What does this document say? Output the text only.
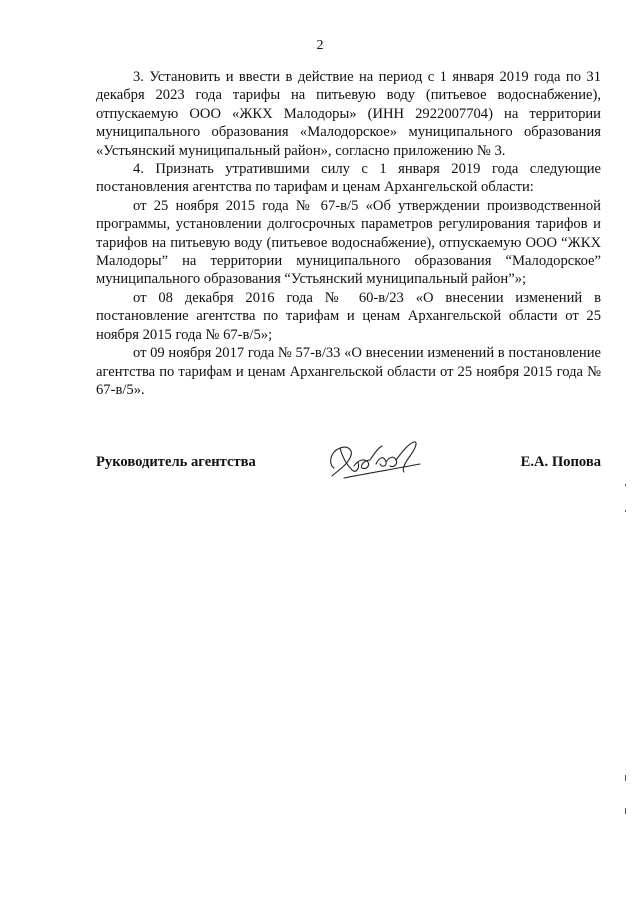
2

3. Установить и ввести в действие на период с 1 января 2019 года по 31 декабря 2023 года тарифы на питьевую воду (питьевое водоснабжение), отпускаемую ООО «ЖКХ Малодоры» (ИНН 2922007704) на территории муниципального образования «Малодорское» муниципального образования «Устьянский муниципальный район», согласно приложению № 3.

4. Признать утратившими силу с 1 января 2019 года следующие постановления агентства по тарифам и ценам Архангельской области:

от 25 ноября 2015 года № 67-в/5 «Об утверждении производственной программы, установлении долгосрочных параметров регулирования тарифов и тарифов на питьевую воду (питьевое водоснабжение), отпускаемую ООО “ЖКХ Малодоры” на территории муниципального образования “Малодорское” муниципального образования “Устьянский муниципальный район”»;

от 08 декабря 2016 года № 60-в/23 «О внесении изменений в постановление агентства по тарифам и ценам Архангельской области от 25 ноября 2015 года № 67-в/5»;

от 09 ноября 2017 года № 57-в/33 «О внесении изменений в постановление агентства по тарифам и ценам Архангельской области от 25 ноября 2015 года № 67-в/5».

Руководитель агентства	Е.А. Попова
